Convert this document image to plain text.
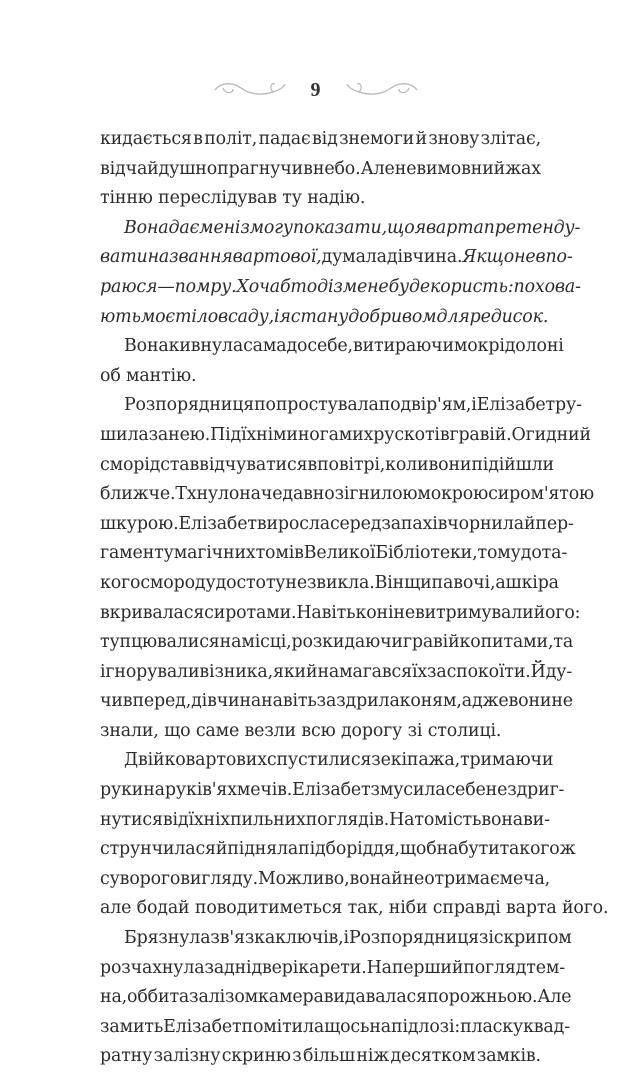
9
кидається в політ, падає від знемоги й знову злітає,
відчайдушно прагнучи в небо. Але невимовний жах
тінню переслідував ту надію.
Вона дає мені змогу показати, що я варта претенду-
вати на звання вартової, думала дівчина. Якщо не впо-
раюся — помру. Хоча б тоді з мене буде користь: похова-
ють моє тіло в саду, і я стану добривом для редисок.
Вона кивнула сама до себе, витираючи мокрі долоні
об мантію.
Розпорядниця попростувала подвір'ям, і Елізабет ру-
шила за нею. Під їхніми ногами хрускотів гравій. Огидний
сморід став відчуватися в повітрі, коли вони підійшли
ближче. Тхнуло наче давно зігнилою мокрою сиром'ятою
шкурою. Елізабет виросла серед запахів чорнила й пер-
гаменту магічних томів Великої Бібліотеки, тому до та-
кого смороду достоту не звикла. Він щипав очі, а шкіра
вкривалася сиротами. Навіть коні не витримували його:
тупцювалися на місці, розкидаючи гравій копитами, та
ігнорували візника, який намагався їх заспокоїти. Йду-
чи вперед, дівчина навіть заздрила коням, адже вони не
знали, що саме везли всю дорогу зі столиці.
Двійко вартових спустилися з екіпажа, тримаючи
руки на руків'ях мечів. Елізабет змусила себе не здриг-
нутися від їхніх пильних поглядів. Натомість вона ви-
струнчилася й підняла підборіддя, щоб набути такого ж
суворого вигляду. Можливо, вона й не отримає меча,
але бодай поводитиметься так, ніби справді варта його.
Брязнула зв'язка ключів, і Розпорядниця зі скрипом
розчахнула задні двері карети. На перший погляд тем-
на, оббита залізом камера видавалася порожньою. Але
за мить Елізабет помітила щось на підлозі: пласку квад-
ратну залізну скриню з більш ніж десятком замків.
